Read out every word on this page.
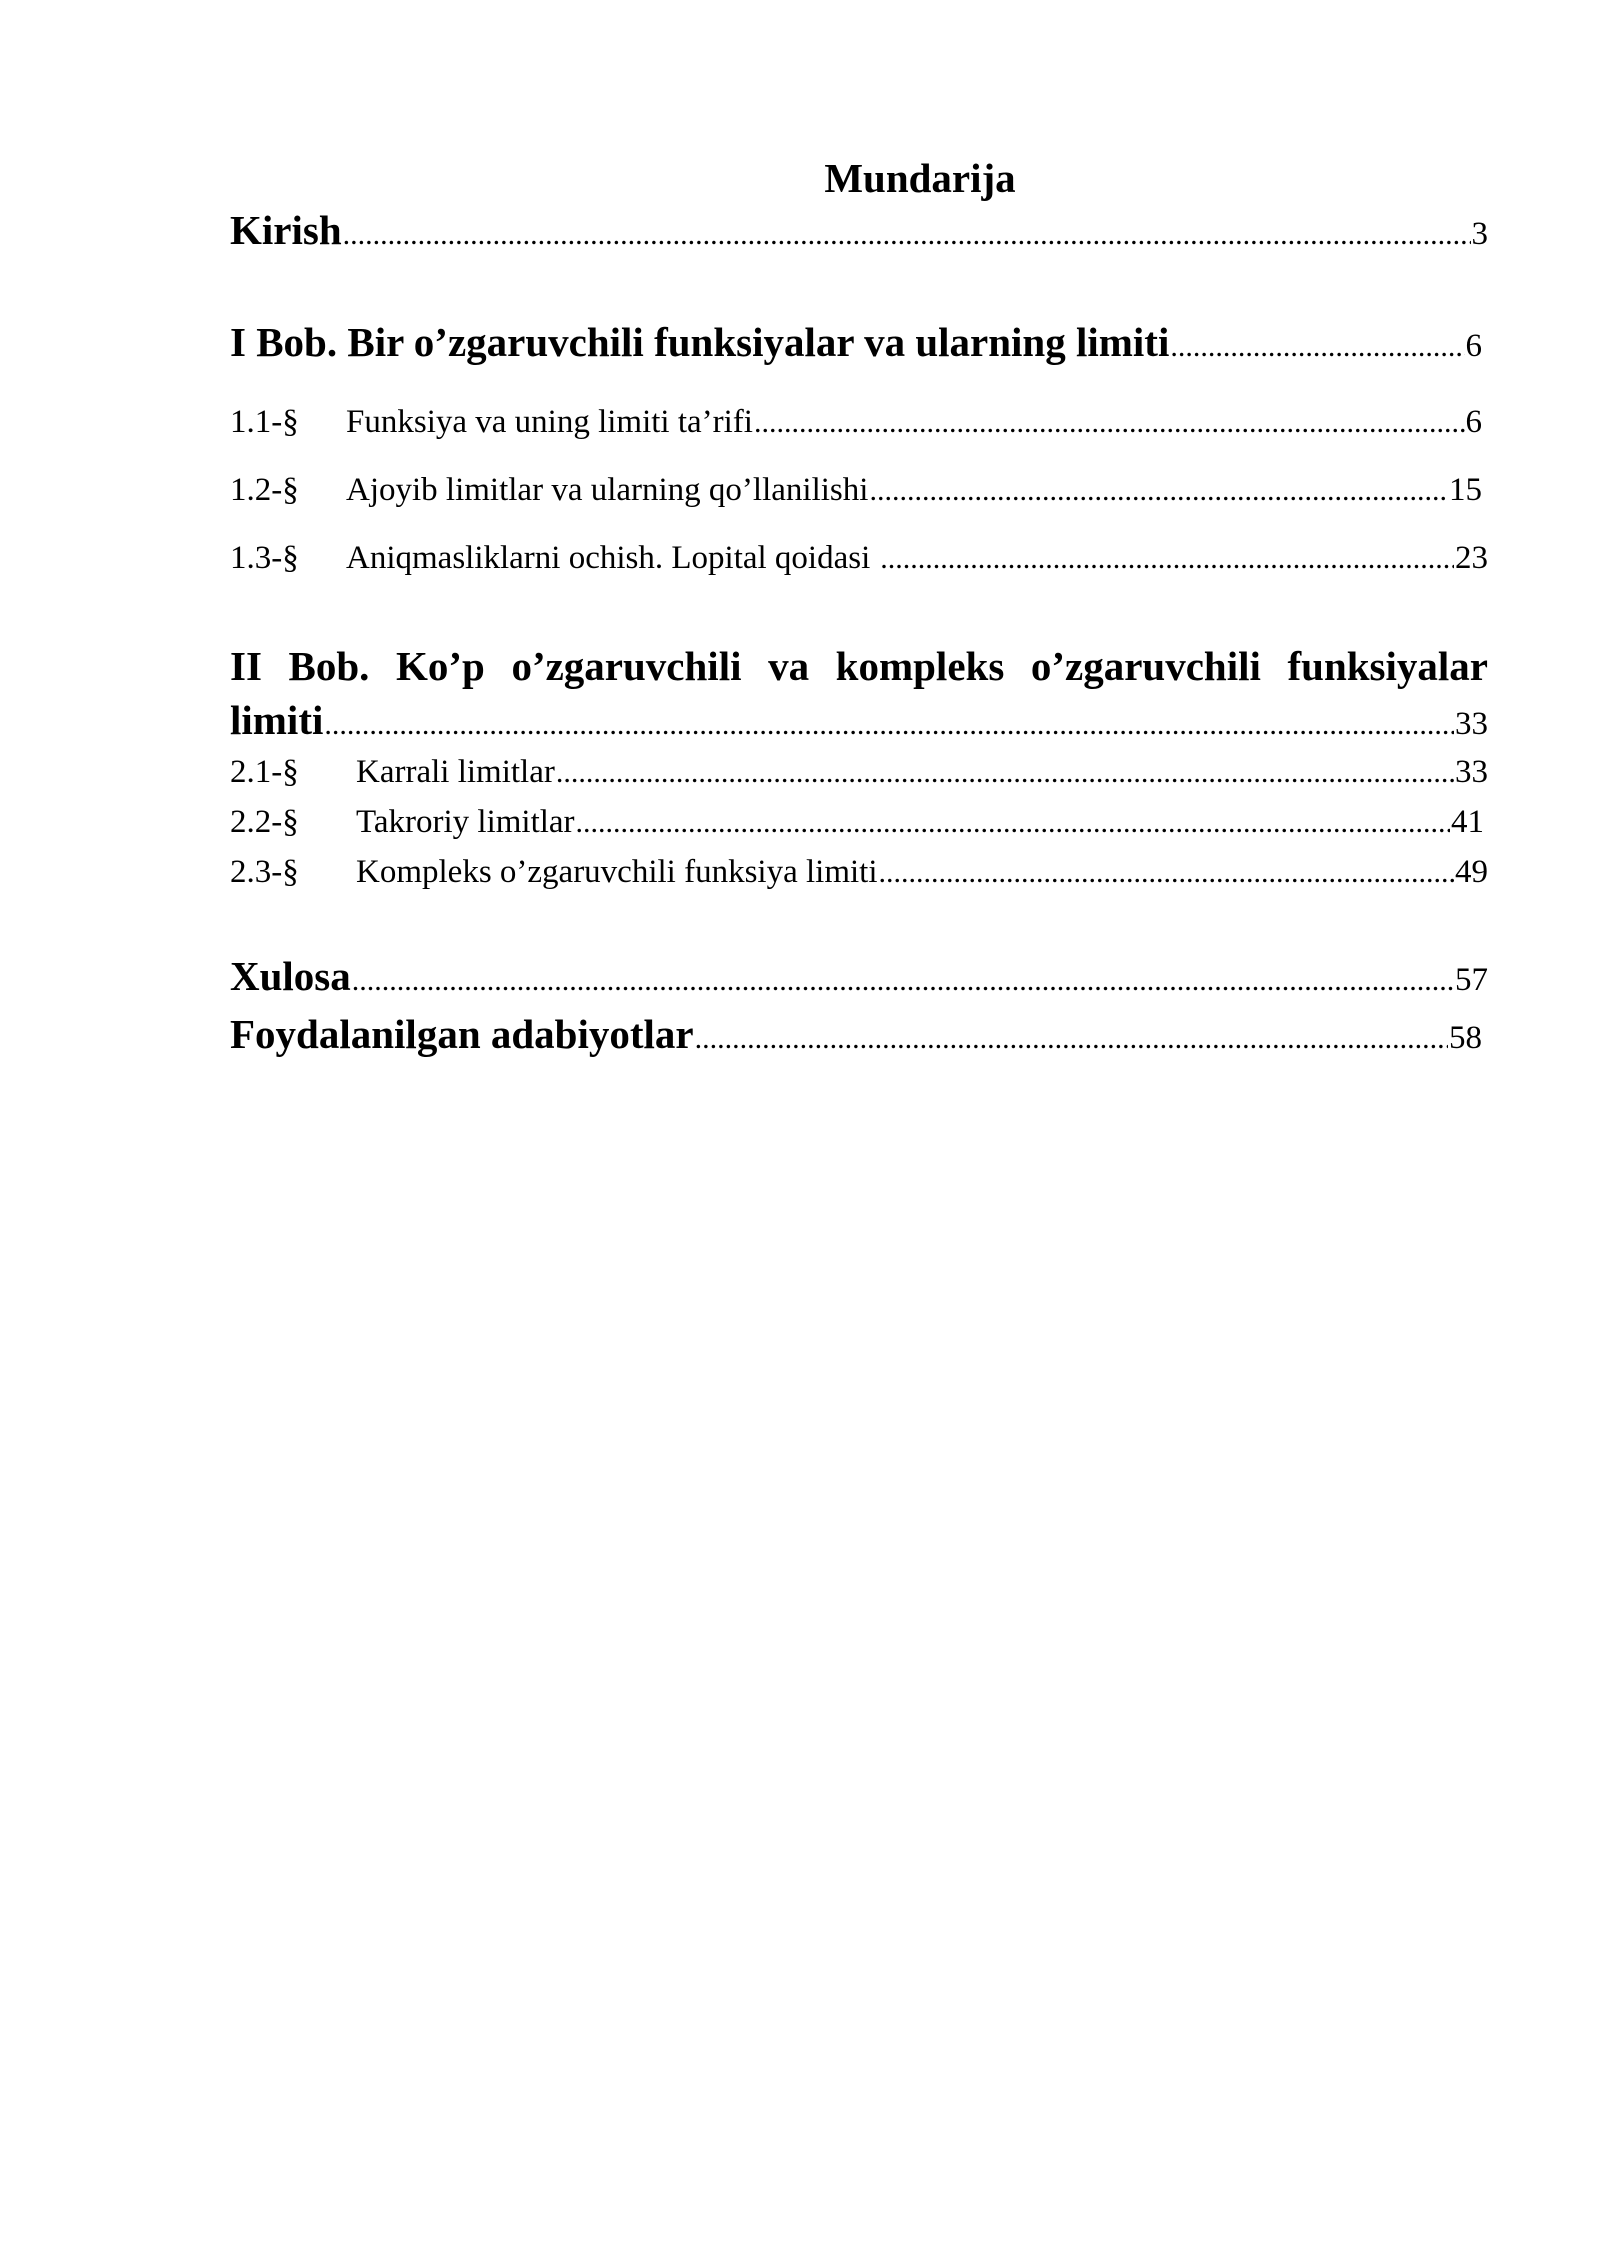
Mundarija
Kirish .....	3
I Bob. Bir o’zgaruvchili funksiyalar va ularning limiti .....	6
1.1-§ Funksiya va uning limiti ta’rifi .....	6
1.2-§ Ajoyib limitlar va ularning qo’llanilishi .....	15
1.3-§ Aniqmasliklarni ochish. Lopital qoidasi .....	23
II Bob. Ko’p o’zgaruvchili va kompleks o’zgaruvchili funksiyalar
limiti .....	33
2.1-§ Karrali limitlar .....	33
2.2-§ Takroriy limitlar .....	41
2.3-§ Kompleks o’zgaruvchili funksiya limiti .....	49
Xulosa .....	57
Foydalanilgan adabiyotlar .....	58
